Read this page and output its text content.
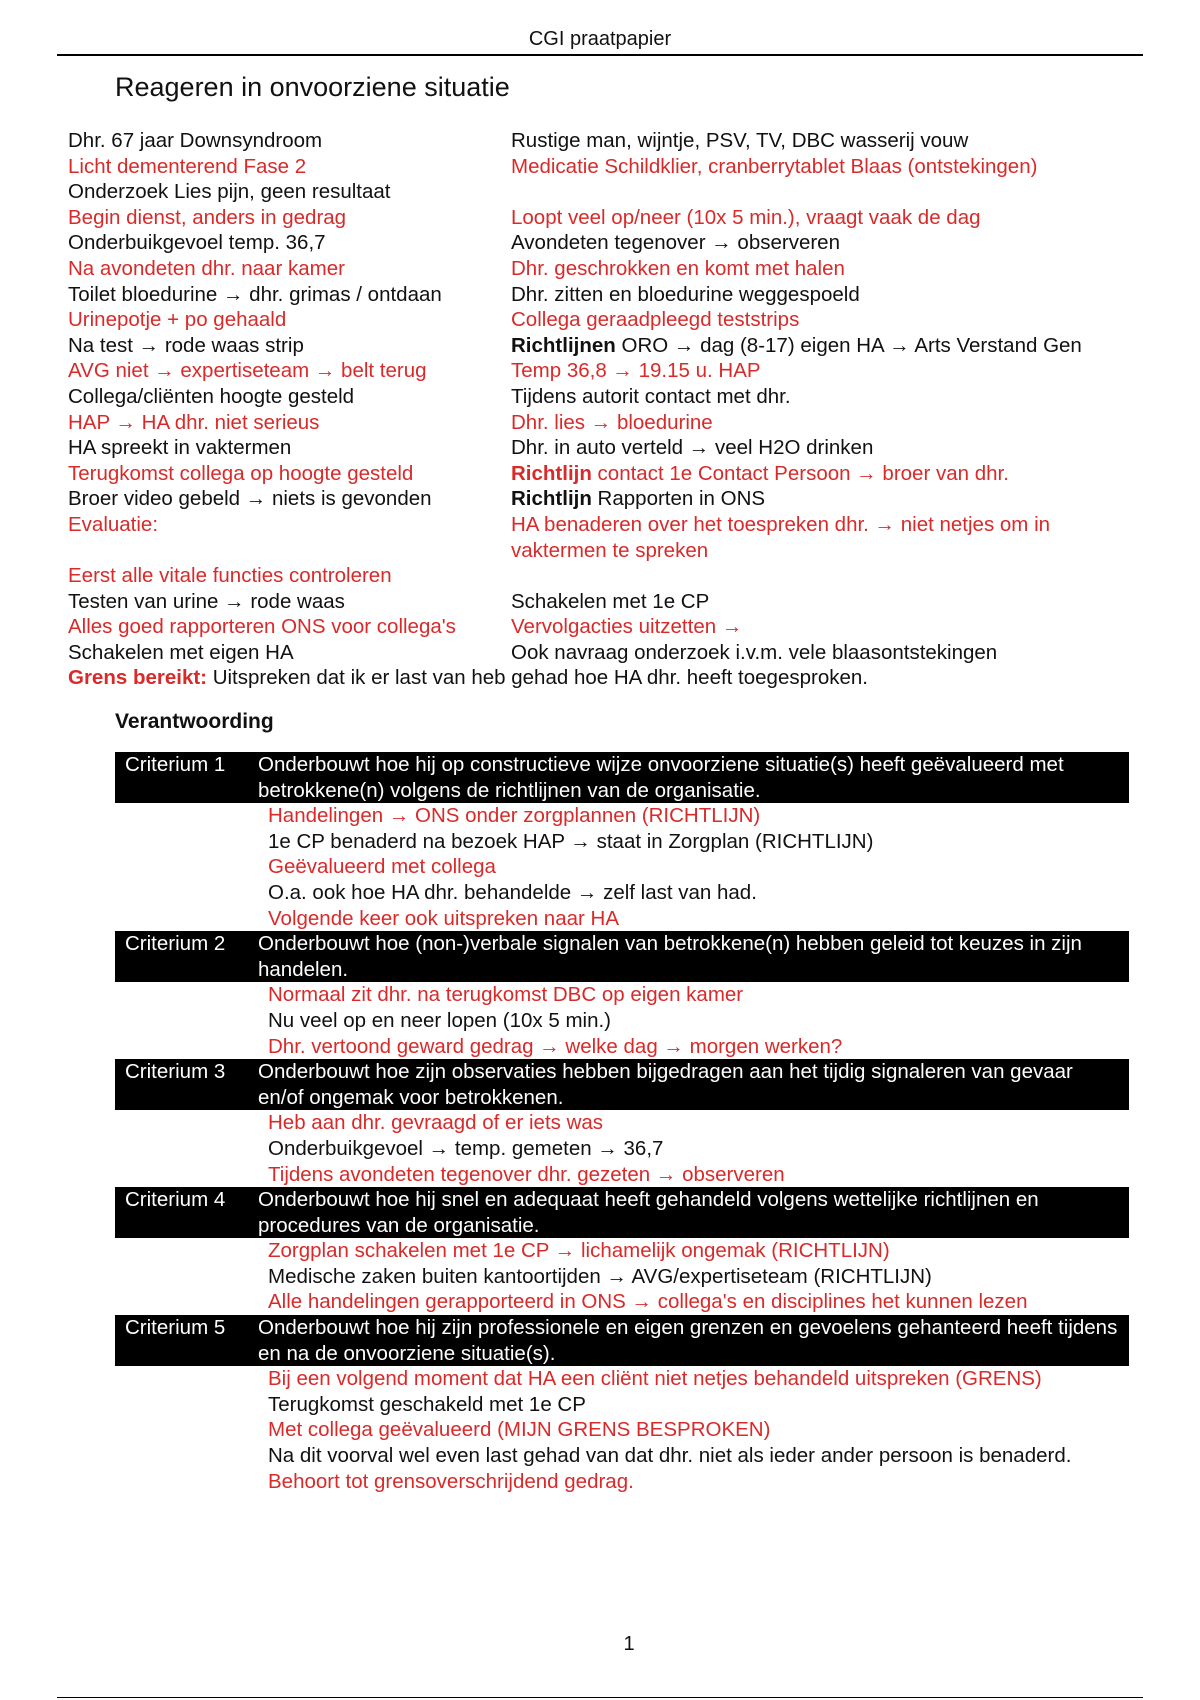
CGI praatpapier
Reageren in onvoorziene situatie
Dhr. 67 jaar Downsyndroom	Rustige man, wijntje, PSV, TV, DBC wasserij vouw
Licht dementerend Fase 2	Medicatie Schildklier, cranberrytablet Blaas (ontstekingen)
Onderzoek Lies pijn, geen resultaat
Begin dienst, anders in gedrag	Loopt veel op/neer (10x 5 min.), vraagt vaak de dag
Onderbuikgevoel temp. 36,7	Avondeten tegenover → observeren
Na avondeten dhr. naar kamer	Dhr. geschrokken en komt met halen
Toilet bloedurine → dhr. grimas / ontdaan	Dhr. zitten en bloedurine weggespoeld
Urinepotje + po gehaald	Collega geraadpleegd teststrips
Na test → rode waas strip	Richtlijnen ORO → dag (8-17) eigen HA → Arts Verstand Gen
AVG niet → expertiseteam → belt terug	Temp 36,8 → 19.15 u. HAP
Collega/cliënten hoogte gesteld	Tijdens autorit contact met dhr.
HAP → HA dhr. niet serieus	Dhr. lies → bloedurine
HA spreekt in vaktermen	Dhr. in auto verteld → veel H2O drinken
Terugkomst collega op hoogte gesteld	Richtlijn contact 1e Contact Persoon → broer van dhr.
Broer video gebeld → niets is gevonden	Richtlijn Rapporten in ONS
Evaluatie:	HA benaderen over het toespreken dhr. → niet netjes om in vaktermen te spreken
Eerst alle vitale functies controleren
Testen van urine → rode waas	Schakelen met 1e CP
Alles goed rapporteren ONS voor collega's	Vervolgacties uitzetten →
Schakelen met eigen HA	Ook navraag onderzoek i.v.m. vele blaasontstekingen
Grens bereikt: Uitspreken dat ik er last van heb gehad hoe HA dhr. heeft toegesproken.
Verantwoording
Criterium 1	Onderbouwt hoe hij op constructieve wijze onvoorziene situatie(s) heeft geëvalueerd met betrokkene(n) volgens de richtlijnen van de organisatie.
Handelingen → ONS onder zorgplannen (RICHTLIJN)
1e CP benaderd na bezoek HAP → staat in Zorgplan (RICHTLIJN)
Geëvalueerd met collega
O.a. ook hoe HA dhr. behandelde → zelf last van had.
Volgende keer ook uitspreken naar HA
Criterium 2	Onderbouwt hoe (non-)verbale signalen van betrokkene(n) hebben geleid tot keuzes in zijn handelen.
Normaal zit dhr. na terugkomst DBC op eigen kamer
Nu veel op en neer lopen (10x 5 min.)
Dhr. vertoond geward gedrag → welke dag → morgen werken?
Criterium 3	Onderbouwt hoe zijn observaties hebben bijgedragen aan het tijdig signaleren van gevaar en/of ongemak voor betrokkenen.
Heb aan dhr. gevraagd of er iets was
Onderbuikgevoel → temp. gemeten → 36,7
Tijdens avondeten tegenover dhr. gezeten → observeren
Criterium 4	Onderbouwt hoe hij snel en adequaat heeft gehandeld volgens wettelijke richtlijnen en procedures van de organisatie.
Zorgplan schakelen met 1e CP → lichamelijk ongemak (RICHTLIJN)
Medische zaken buiten kantoortijden → AVG/expertiseteam (RICHTLIJN)
Alle handelingen gerapporteerd in ONS → collega's en disciplines het kunnen lezen
Criterium 5	Onderbouwt hoe hij zijn professionele en eigen grenzen en gevoelens gehanteerd heeft tijdens en na de onvoorziene situatie(s).
Bij een volgend moment dat HA een cliënt niet netjes behandeld uitspreken (GRENS)
Terugkomst geschakeld met 1e CP
Met collega geëvalueerd (MIJN GRENS BESPROKEN)
Na dit voorval wel even last gehad van dat dhr. niet als ieder ander persoon is benaderd.
Behoort tot grensoverschrijdend gedrag.
1
